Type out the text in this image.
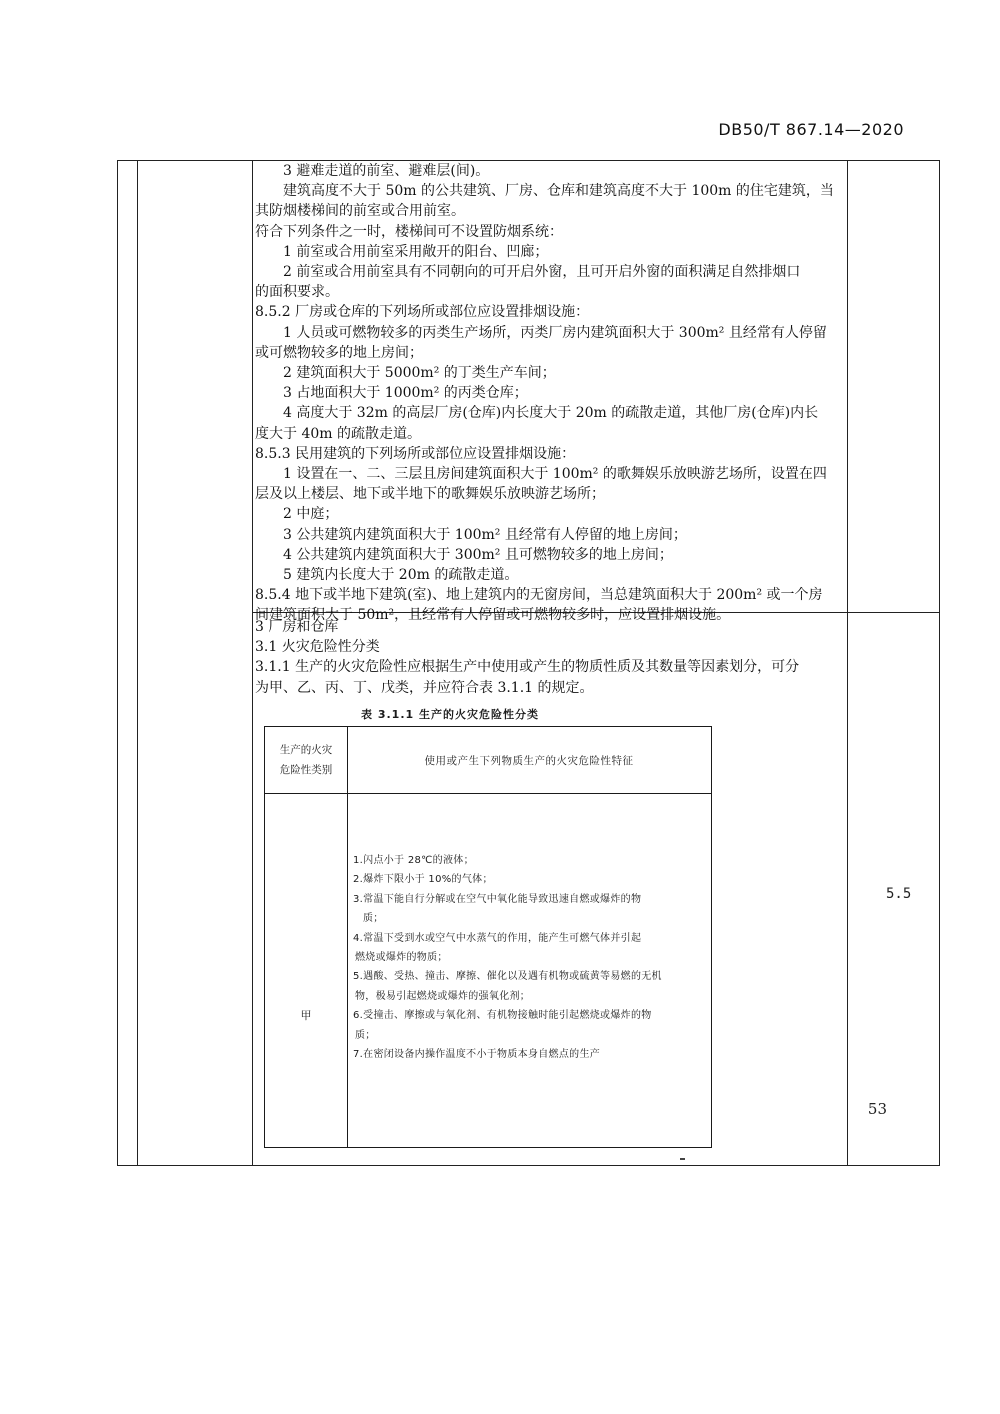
DB50/T 867.14—2020

3 避难走道的前室、避难层(间)。

建筑高度不大于 50m 的公共建筑、厂房、仓库和建筑高度不大于 100m 的住宅建筑，当

其防烟楼梯间的前室或合用前室。

符合下列条件之一时，楼梯间可不设置防烟系统：

1 前室或合用前室采用敞开的阳台、凹廊；

2 前室或合用前室具有不同朝向的可开启外窗，且可开启外窗的面积满足自然排烟口

的面积要求。

8.5.2 厂房或仓库的下列场所或部位应设置排烟设施：

1 人员或可燃物较多的丙类生产场所，丙类厂房内建筑面积大于 300m² 且经常有人停留

或可燃物较多的地上房间；

2 建筑面积大于 5000m² 的丁类生产车间；

3 占地面积大于 1000m² 的丙类仓库；

4 高度大于 32m 的高层厂房(仓库)内长度大于 20m 的疏散走道，其他厂房(仓库)内长

度大于 40m 的疏散走道。

8.5.3 民用建筑的下列场所或部位应设置排烟设施：

1 设置在一、二、三层且房间建筑面积大于 100m² 的歌舞娱乐放映游艺场所，设置在四

层及以上楼层、地下或半地下的歌舞娱乐放映游艺场所；

2 中庭；

3 公共建筑内建筑面积大于 100m² 且经常有人停留的地上房间；

4 公共建筑内建筑面积大于 300m² 且可燃物较多的地上房间；

5 建筑内长度大于 20m 的疏散走道。

8.5.4 地下或半地下建筑(室)、地上建筑内的无窗房间，当总建筑面积大于 200m² 或一个房

间建筑面积大于 50m²，且经常有人停留或可燃物较多时，应设置排烟设施。

3 厂房和仓库

3.1 火灾危险性分类

3.1.1 生产的火灾危险性应根据生产中使用或产生的物质性质及其数量等因素划分，可分

为甲、乙、丙、丁、戊类，并应符合表 3.1.1 的规定。

5.5
表 3.1.1 生产的火灾危险性分类
生产的火灾
危险性类别
使用或产生下列物质生产的火灾危险性特征
甲

1.闪点小于 28℃的液体；

2.爆炸下限小于 10%的气体；

3.常温下能自行分解或在空气中氧化能导致迅速自燃或爆炸的物

质；

4.常温下受到水或空气中水蒸气的作用，能产生可燃气体并引起

燃烧或爆炸的物质；

5.遇酸、受热、撞击、摩擦、催化以及遇有机物或硫黄等易燃的无机

物，极易引起燃烧或爆炸的强氧化剂；

6.受撞击、摩擦或与氧化剂、有机物接触时能引起燃烧或爆炸的物

质；

7.在密闭设备内操作温度不小于物质本身自燃点的生产

53
